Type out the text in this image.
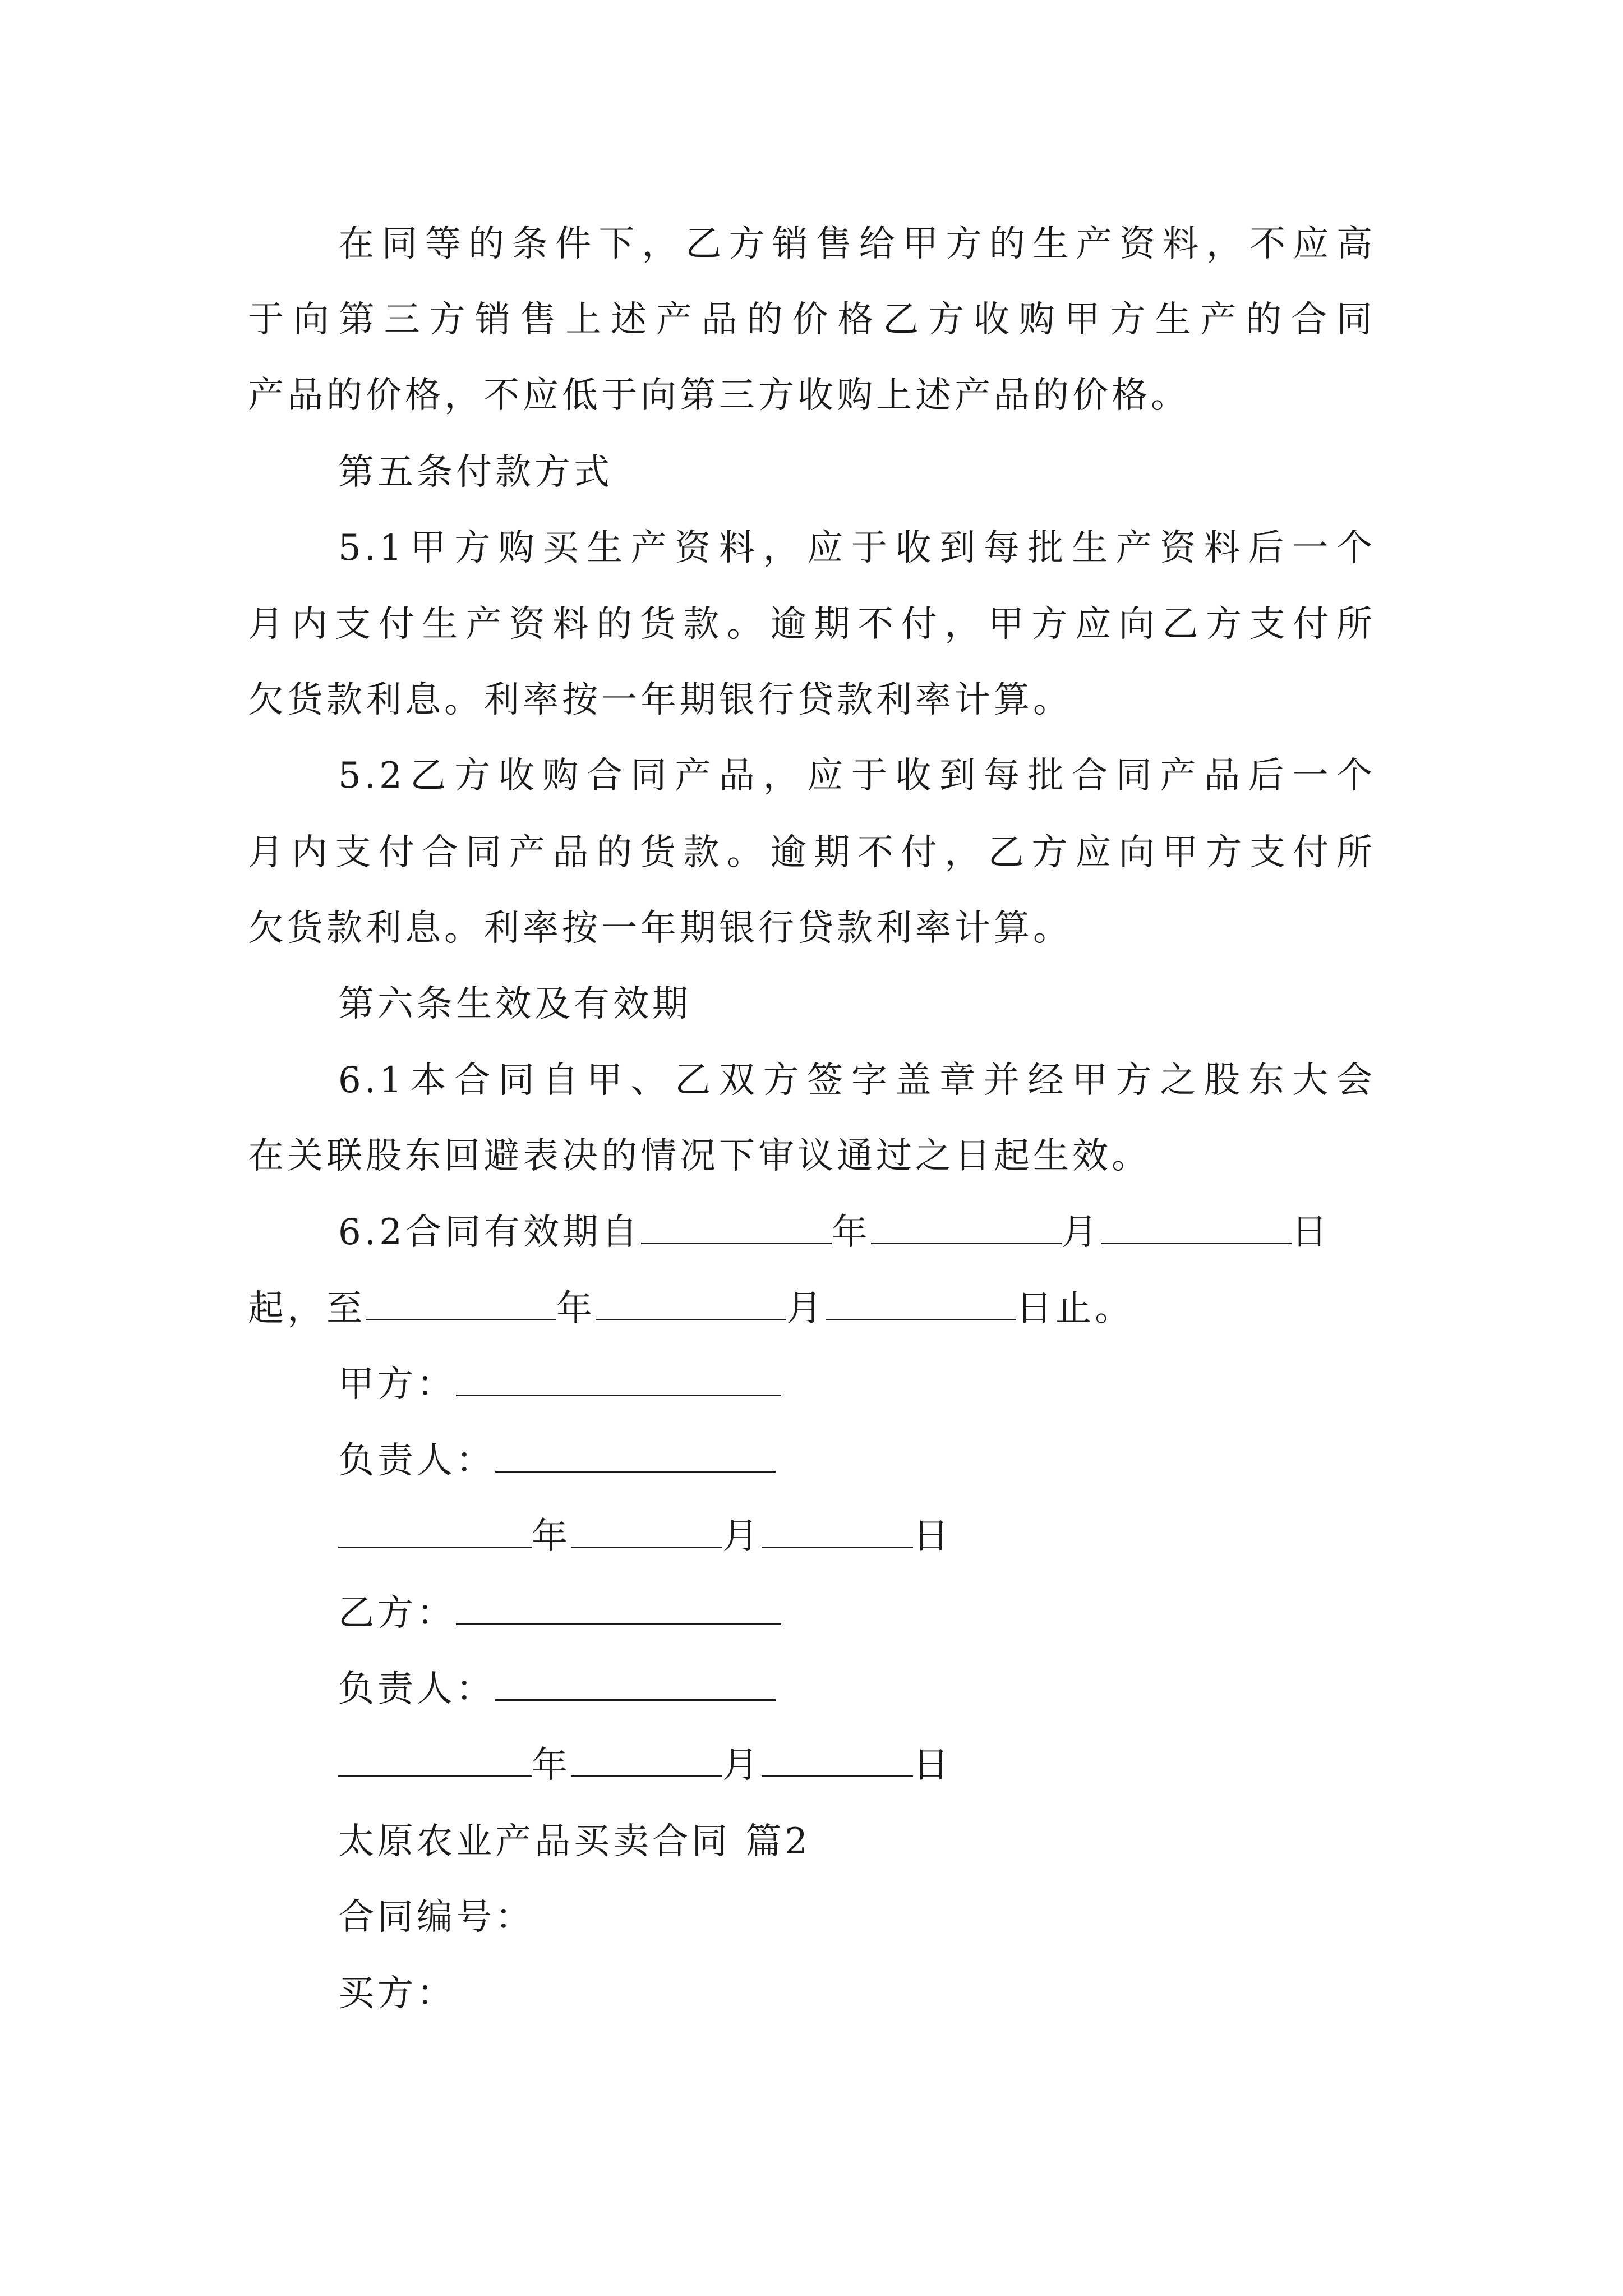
在同等的条件下，乙方销售给甲方的生产资料，不应高
于向第三方销售上述产品的价格乙方收购甲方生产的合同
产品的价格，不应低于向第三方收购上述产品的价格。
第五条付款方式
5.1甲方购买生产资料，应于收到每批生产资料后一个
月内支付生产资料的货款。逾期不付，甲方应向乙方支付所
欠货款利息。利率按一年期银行贷款利率计算。
5.2乙方收购合同产品，应于收到每批合同产品后一个
月内支付合同产品的货款。逾期不付，乙方应向甲方支付所
欠货款利息。利率按一年期银行贷款利率计算。
第六条生效及有效期
6.1本合同自甲、乙双方签字盖章并经甲方之股东大会
在关联股东回避表决的情况下审议通过之日起生效。
6.2合同有效期自	年	月	日
起，至	年	月	日止。
甲方：
负责人：
年	月	日
乙方：
负责人：
年	月	日
太原农业产品买卖合同 篇2
合同编号：
买方：
